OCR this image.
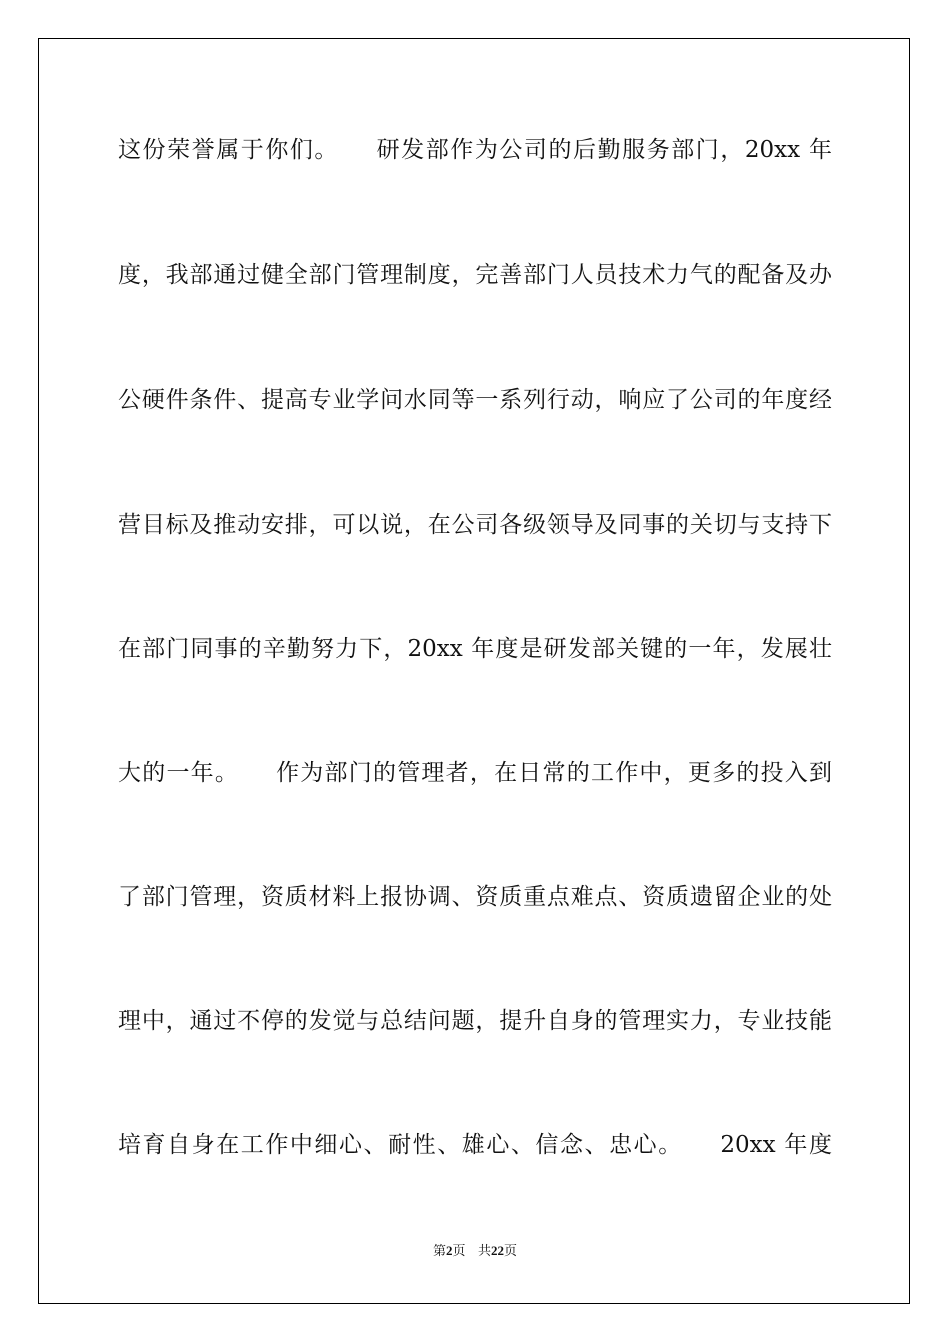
这份荣誉属于你们。　　研发部作为公司的后勤服务部门，20xx 年
度，我部通过健全部门管理制度，完善部门人员技术力气的配备及办
公硬件条件、提高专业学问水同等一系列行动，响应了公司的年度经
营目标及推动安排，可以说，在公司各级领导及同事的关切与支持下
在部门同事的辛勤努力下，20xx 年度是研发部关键的一年，发展壮
大的一年。　　作为部门的管理者，在日常的工作中，更多的投入到
了部门管理，资质材料上报协调、资质重点难点、资质遗留企业的处
理中，通过不停的发觉与总结问题，提升自身的管理实力，专业技能
培育自身在工作中细心、耐性、雄心、信念、忠心。　　20xx 年度
第2页 共22页
